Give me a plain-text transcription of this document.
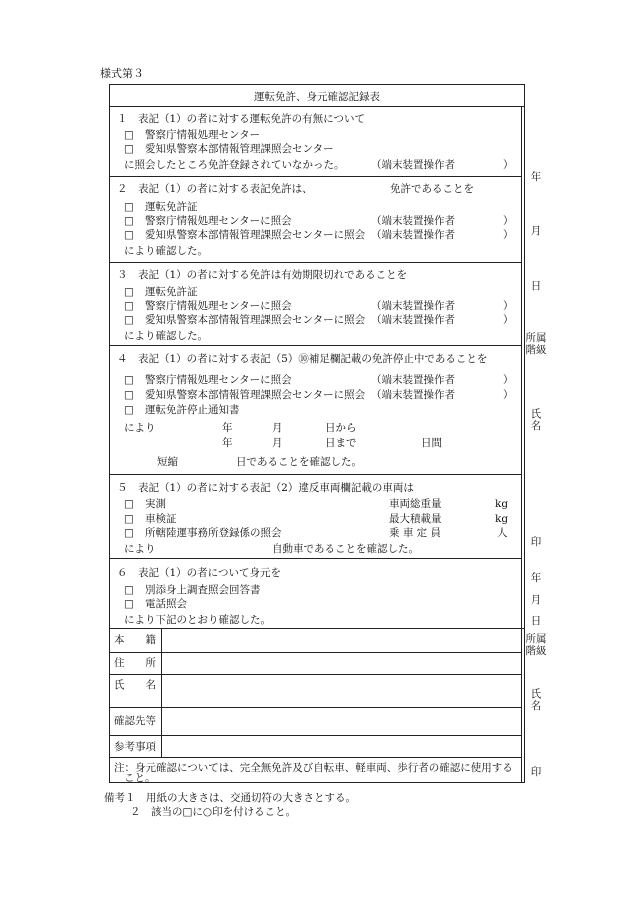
様式第３
運転免許、身元確認記録表
１　表記（1）の者に対する運転免許の有無について
□ 警察庁情報処理センター
□ 愛知県警察本部情報管理課照会センター
に照会したところ免許登録されていなかった。	（端末装置操作者	）
２　表記（1）の者に対する表記免許は、	免許であることを
□ 運転免許証
□ 警察庁情報処理センターに照会	（端末装置操作者	）
□ 愛知県警察本部情報管理課照会センターに照会 （端末装置操作者	）
により確認した。
３　表記（1）の者に対する免許は有効期限切れであることを
□ 運転免許証
□ 警察庁情報処理センターに照会	（端末装置操作者	）
□ 愛知県警察本部情報管理課照会センターに照会 （端末装置操作者	）
により確認した。
４　表記（1）の者に対する表記（5）⑩補足欄記載の免許停止中であることを
□ 警察庁情報処理センターに照会	（端末装置操作者	）
□ 愛知県警察本部情報管理課照会センターに照会 （端末装置操作者	）
□ 運転免許停止通知書
により	年	月	日から
年	月	日まで	日間
短縮	日であることを確認した。
５　表記（1）の者に対する表記（2）違反車両欄記載の車両は
□ 実測	車両総重量	kg
□ 車検証	最大積載量	kg
□ 所轄陸運事務所登録係の照会	乗 車 定 員	人
により	自動車であることを確認した。
６　表記（1）の者について身元を
□ 別添身上調査照会回答書
□ 電話照会
により下記のとおり確認した。
本　　籍
住　　所
氏　　名
確認先等
参考事項
注：身元確認については、完全無免許及び自転車、軽車両、歩行者の確認に使用する
こと。
年
月
日
所属
階級
氏
名
印
年
月
日
所属
階級
氏
名
印
備考１　用紙の大きさは、交通切符の大きさとする。
２　該当の□に○印を付けること。
